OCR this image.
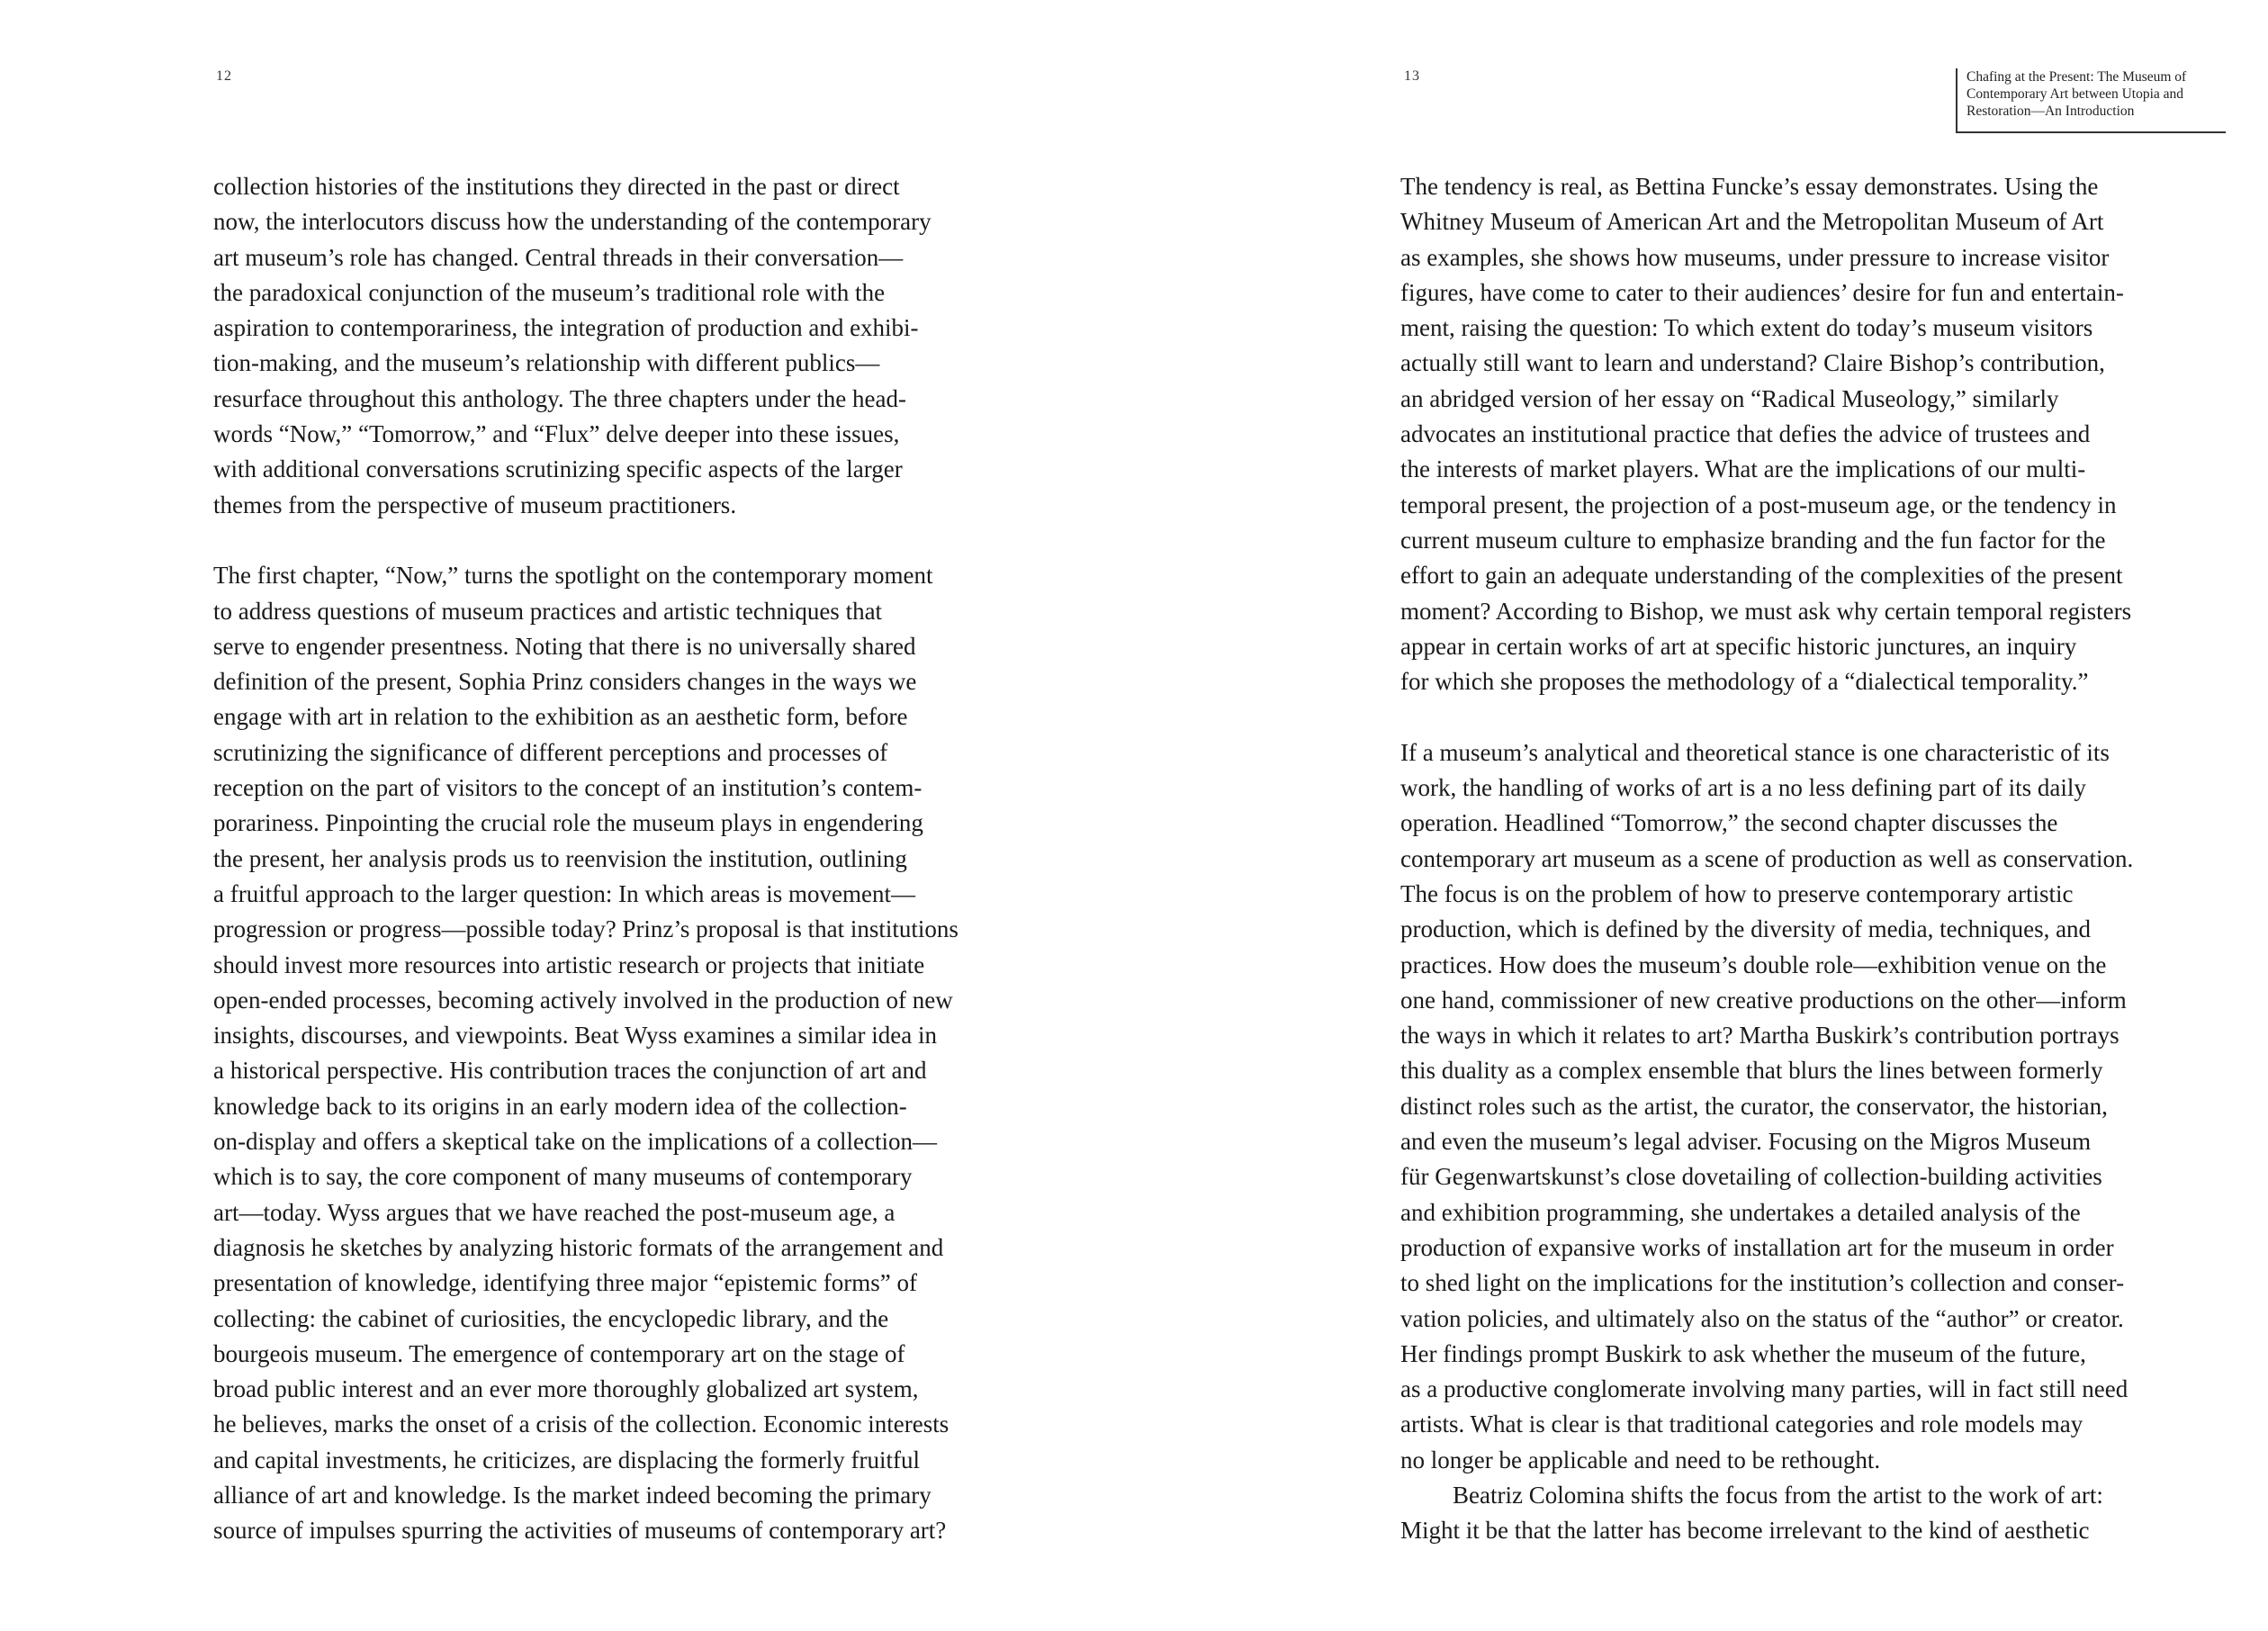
12
collection histories of the institutions they directed in the past or direct
now, the interlocutors discuss how the understanding of the contemporary
art museum’s role has changed. Central threads in their conversation—
the paradoxical conjunction of the museum’s traditional role with the
aspiration to contemporariness, the integration of production and exhibi-
tion-making, and the museum’s relationship with different publics—
resurface throughout this anthology. The three chapters under the head-
words “Now,” “Tomorrow,” and “Flux” delve deeper into these issues,
with additional conversations scrutinizing specific aspects of the larger
themes from the perspective of museum practitioners.
The first chapter, “Now,” turns the spotlight on the contemporary moment
to address questions of museum practices and artistic techniques that
serve to engender presentness. Noting that there is no universally shared
definition of the present, Sophia Prinz considers changes in the ways we
engage with art in relation to the exhibition as an aesthetic form, before
scrutinizing the significance of different perceptions and processes of
reception on the part of visitors to the concept of an institution’s contem-
porariness. Pinpointing the crucial role the museum plays in engendering
the present, her analysis prods us to reenvision the institution, outlining
a fruitful approach to the larger question: In which areas is movement—
progression or progress—possible today? Prinz’s proposal is that institutions
should invest more resources into artistic research or projects that initiate
open-ended processes, becoming actively involved in the production of new
insights, discourses, and viewpoints. Beat Wyss examines a similar idea in
a historical perspective. His contribution traces the conjunction of art and
knowledge back to its origins in an early modern idea of the collection-
on-display and offers a skeptical take on the implications of a collection—
which is to say, the core component of many museums of contemporary
art—today. Wyss argues that we have reached the post-museum age, a
diagnosis he sketches by analyzing historic formats of the arrangement and
presentation of knowledge, identifying three major “epistemic forms” of
collecting: the cabinet of curiosities, the encyclopedic library, and the
bourgeois museum. The emergence of contemporary art on the stage of
broad public interest and an ever more thoroughly globalized art system,
he believes, marks the onset of a crisis of the collection. Economic interests
and capital investments, he criticizes, are displacing the formerly fruitful
alliance of art and knowledge. Is the market indeed becoming the primary
source of impulses spurring the activities of museums of contemporary art?
13	Chafing at the Present: The Museum of
Contemporary Art between Utopia and
Restoration—An Introduction
The tendency is real, as Bettina Funcke’s essay demonstrates. Using the
Whitney Museum of American Art and the Metropolitan Museum of Art
as examples, she shows how museums, under pressure to increase visitor
figures, have come to cater to their audiences’ desire for fun and entertain-
ment, raising the question: To which extent do today’s museum visitors
actually still want to learn and understand? Claire Bishop’s contribution,
an abridged version of her essay on “Radical Museology,” similarly
advocates an institutional practice that defies the advice of trustees and
the interests of market players. What are the implications of our multi-
temporal present, the projection of a post-museum age, or the tendency in
current museum culture to emphasize branding and the fun factor for the
effort to gain an adequate understanding of the complexities of the present
moment? According to Bishop, we must ask why certain temporal registers
appear in certain works of art at specific historic junctures, an inquiry
for which she proposes the methodology of a “dialectical temporality.”
If a museum’s analytical and theoretical stance is one characteristic of its
work, the handling of works of art is a no less defining part of its daily
operation. Headlined “Tomorrow,” the second chapter discusses the
contemporary art museum as a scene of production as well as conservation.
The focus is on the problem of how to preserve contemporary artistic
production, which is defined by the diversity of media, techniques, and
practices. How does the museum’s double role—exhibition venue on the
one hand, commissioner of new creative productions on the other—inform
the ways in which it relates to art? Martha Buskirk’s contribution portrays
this duality as a complex ensemble that blurs the lines between formerly
distinct roles such as the artist, the curator, the conservator, the historian,
and even the museum’s legal adviser. Focusing on the Migros Museum
für Gegenwartskunst’s close dovetailing of collection-building activities
and exhibition programming, she undertakes a detailed analysis of the
production of expansive works of installation art for the museum in order
to shed light on the implications for the institution’s collection and conser-
vation policies, and ultimately also on the status of the “author” or creator.
Her findings prompt Buskirk to ask whether the museum of the future,
as a productive conglomerate involving many parties, will in fact still need
artists. What is clear is that traditional categories and role models may
no longer be applicable and need to be rethought.
Beatriz Colomina shifts the focus from the artist to the work of art:
Might it be that the latter has become irrelevant to the kind of aesthetic
